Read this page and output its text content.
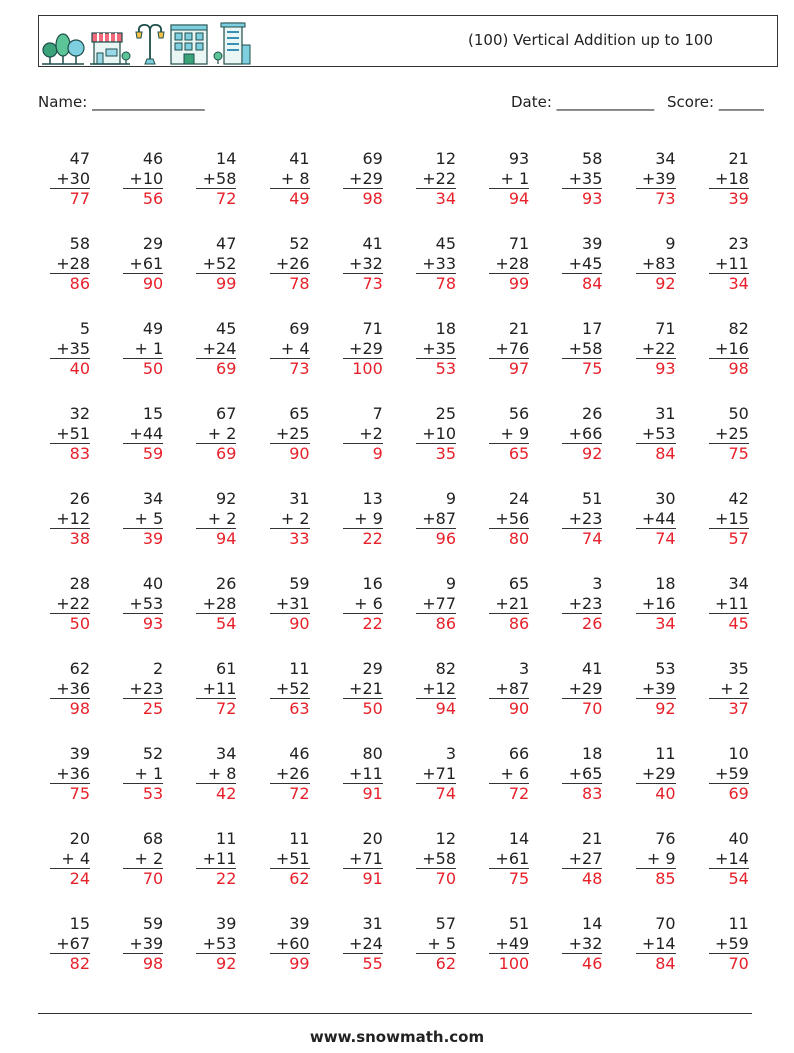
(100) Vertical Addition up to 100
Name: _______________	Date: _____________ Score: ______
47
+30
77
46
+10
56
14
+58
72
41
+ 8
49
69
+29
98
12
+22
34
93
+ 1
94
58
+35
93
34
+39
73
21
+18
39
58
+28
86
29
+61
90
47
+52
99
52
+26
78
41
+32
73
45
+33
78
71
+28
99
39
+45
84
9
+83
92
23
+11
34
5
+35
40
49
+ 1
50
45
+24
69
69
+ 4
73
71
+29
100
18
+35
53
21
+76
97
17
+58
75
71
+22
93
82
+16
98
32
+51
83
15
+44
59
67
+ 2
69
65
+25
90
7
+2
9
25
+10
35
56
+ 9
65
26
+66
92
31
+53
84
50
+25
75
26
+12
38
34
+ 5
39
92
+ 2
94
31
+ 2
33
13
+ 9
22
9
+87
96
24
+56
80
51
+23
74
30
+44
74
42
+15
57
28
+22
50
40
+53
93
26
+28
54
59
+31
90
16
+ 6
22
9
+77
86
65
+21
86
3
+23
26
18
+16
34
34
+11
45
62
+36
98
2
+23
25
61
+11
72
11
+52
63
29
+21
50
82
+12
94
3
+87
90
41
+29
70
53
+39
92
35
+ 2
37
39
+36
75
52
+ 1
53
34
+ 8
42
46
+26
72
80
+11
91
3
+71
74
66
+ 6
72
18
+65
83
11
+29
40
10
+59
69
20
+ 4
24
68
+ 2
70
11
+11
22
11
+51
62
20
+71
91
12
+58
70
14
+61
75
21
+27
48
76
+ 9
85
40
+14
54
15
+67
82
59
+39
98
39
+53
92
39
+60
99
31
+24
55
57
+ 5
62
51
+49
100
14
+32
46
70
+14
84
11
+59
70
www.snowmath.com
